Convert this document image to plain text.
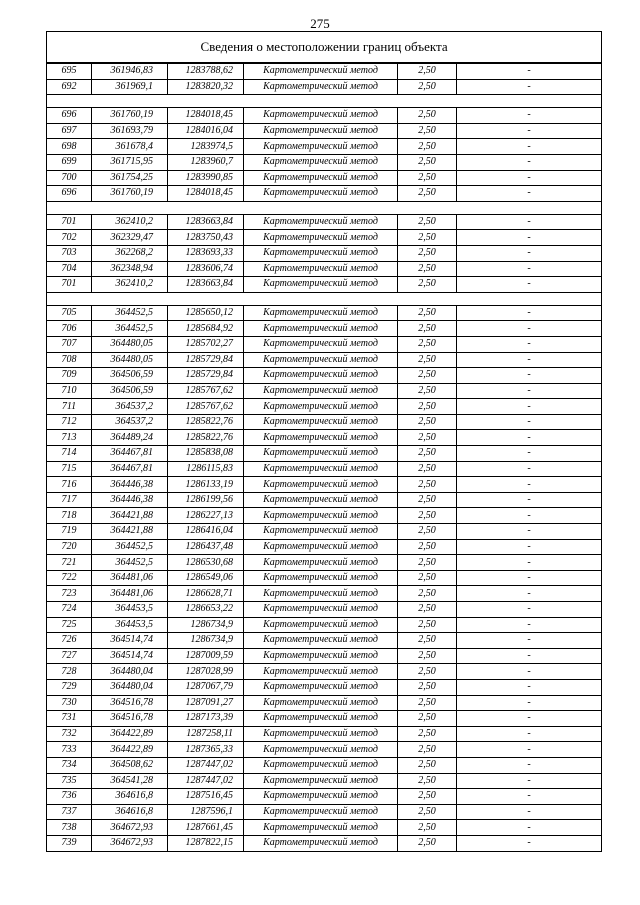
275
Сведения о местоположении границ объекта					
695	361946,83	1283788,62	Картометрический метод	2,50	-
692	361969,1	1283820,32	Картометрический метод	2,50	-

696	361760,19	1284018,45	Картометрический метод	2,50	-
697	361693,79	1284016,04	Картометрический метод	2,50	-
698	361678,4	1283974,5	Картометрический метод	2,50	-
699	361715,95	1283960,7	Картометрический метод	2,50	-
700	361754,25	1283990,85	Картометрический метод	2,50	-
696	361760,19	1284018,45	Картометрический метод	2,50	-

701	362410,2	1283663,84	Картометрический метод	2,50	-
702	362329,47	1283750,43	Картометрический метод	2,50	-
703	362268,2	1283693,33	Картометрический метод	2,50	-
704	362348,94	1283606,74	Картометрический метод	2,50	-
701	362410,2	1283663,84	Картометрический метод	2,50	-

705	364452,5	1285650,12	Картометрический метод	2,50	-
706	364452,5	1285684,92	Картометрический метод	2,50	-
707	364480,05	1285702,27	Картометрический метод	2,50	-
708	364480,05	1285729,84	Картометрический метод	2,50	-
709	364506,59	1285729,84	Картометрический метод	2,50	-
710	364506,59	1285767,62	Картометрический метод	2,50	-
711	364537,2	1285767,62	Картометрический метод	2,50	-
712	364537,2	1285822,76	Картометрический метод	2,50	-
713	364489,24	1285822,76	Картометрический метод	2,50	-
714	364467,81	1285838,08	Картометрический метод	2,50	-
715	364467,81	1286115,83	Картометрический метод	2,50	-
716	364446,38	1286133,19	Картометрический метод	2,50	-
717	364446,38	1286199,56	Картометрический метод	2,50	-
718	364421,88	1286227,13	Картометрический метод	2,50	-
719	364421,88	1286416,04	Картометрический метод	2,50	-
720	364452,5	1286437,48	Картометрический метод	2,50	-
721	364452,5	1286530,68	Картометрический метод	2,50	-
722	364481,06	1286549,06	Картометрический метод	2,50	-
723	364481,06	1286628,71	Картометрический метод	2,50	-
724	364453,5	1286653,22	Картометрический метод	2,50	-
725	364453,5	1286734,9	Картометрический метод	2,50	-
726	364514,74	1286734,9	Картометрический метод	2,50	-
727	364514,74	1287009,59	Картометрический метод	2,50	-
728	364480,04	1287028,99	Картометрический метод	2,50	-
729	364480,04	1287067,79	Картометрический метод	2,50	-
730	364516,78	1287091,27	Картометрический метод	2,50	-
731	364516,78	1287173,39	Картометрический метод	2,50	-
732	364422,89	1287258,11	Картометрический метод	2,50	-
733	364422,89	1287365,33	Картометрический метод	2,50	-
734	364508,62	1287447,02	Картометрический метод	2,50	-
735	364541,28	1287447,02	Картометрический метод	2,50	-
736	364616,8	1287516,45	Картометрический метод	2,50	-
737	364616,8	1287596,1	Картометрический метод	2,50	-
738	364672,93	1287661,45	Картометрический метод	2,50	-
739	364672,93	1287822,15	Картометрический метод	2,50	-
